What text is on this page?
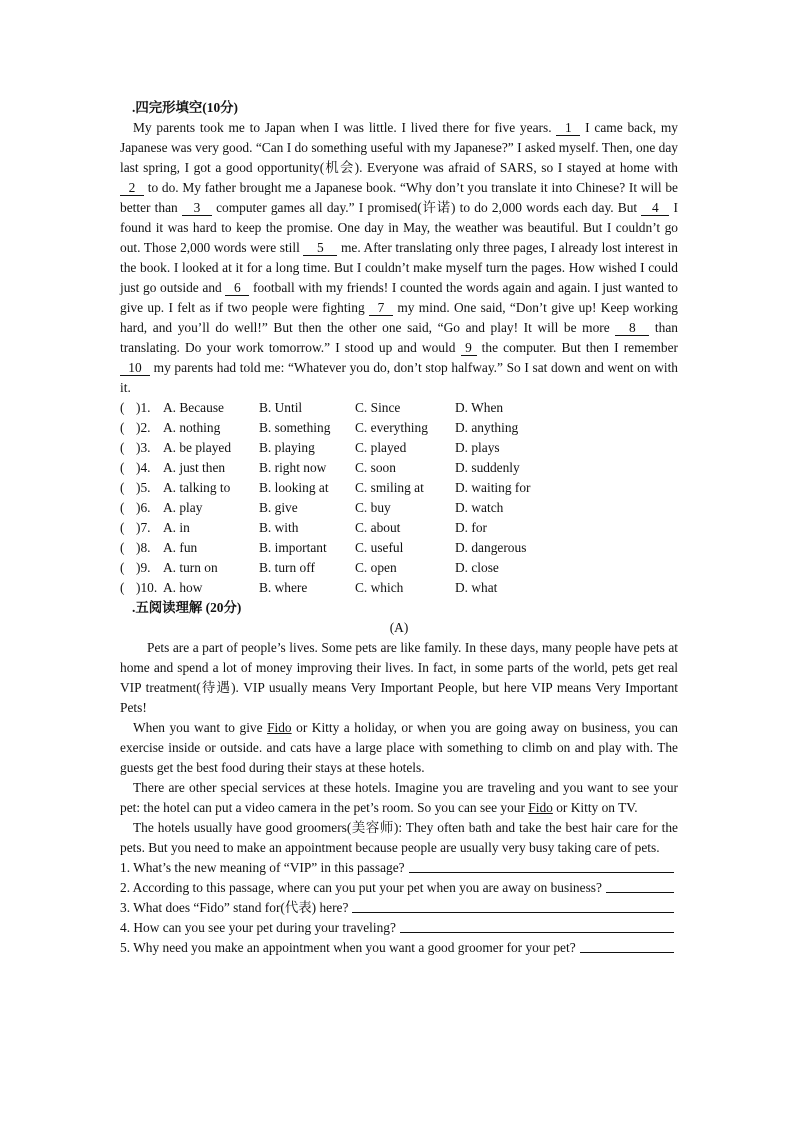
.四完形填空(10分)

My parents took me to Japan when I was little. I lived there for five years. 1 I came back, my Japanese was very good. “Can I do something useful with my Japanese?” I asked myself. Then, one day last spring, I got a good opportunity(机会). Everyone was afraid of SARS, so I stayed at home with 2 to do. My father brought me a Japanese book. “Why don’t you translate it into Chinese? It will be better than 3 computer games all day.” I promised(许诺) to do 2,000 words each day. But 4 I found it was hard to keep the promise. One day in May, the weather was beautiful. But I couldn’t go out. Those 2,000 words were still 5 me. After translating only three pages, I already lost interest in the book. I looked at it for a long time. But I couldn’t make myself turn the pages. How wished I could just go outside and 6 football with my friends! I counted the words again and again. I just wanted to give up. I felt as if two people were fighting 7 my mind. One said, “Don’t give up! Keep working hard, and you’ll do well!” But then the other one said, “Go and play! It will be more 8 than translating. Do your work tomorrow.” I stood up and would 9 the computer. But then I remember 10 my parents had told me: “Whatever you do, don’t stop halfway.” So I sat down and went on with it.

( )1. A. Because	B. Until	C. Since	D. When
( )2. A. nothing	B. something	C. everything	D. anything
( )3. A. be played	B. playing	C. played	D. plays
( )4. A. just then	B. right now	C. soon	D. suddenly
( )5. A. talking to	B. looking at	C. smiling at	D. waiting for
( )6. A. play	B. give	C. buy	D. watch
( )7. A. in	B. with	C. about	D. for
( )8. A. fun	B. important	C. useful	D. dangerous
( )9. A. turn on	B. turn off	C. open	D. close
( )10. A. how	B. where	C. which	D. what
.五阅读理解 (20分)
(A)
Pets are a part of people’s lives. Some pets are like family. In these days, many people have pets at home and spend a lot of money improving their lives. In fact, in some parts of the world, pets get real VIP treatment(待遇). VIP usually means Very Important People, but here VIP means Very Important Pets!
When you want to give Fido or Kitty a holiday, or when you are going away on business, you can exercise inside or outside. and cats have a large place with something to climb on and play with. The guests get the best food during their stays at these hotels.
There are other special services at these hotels. Imagine you are traveling and you want to see your pet: the hotel can put a video camera in the pet’s room. So you can see your Fido or Kitty on TV.
The hotels usually have good groomers(美容师): They often bath and take the best hair care for the pets. But you need to make an appointment because people are usually very busy taking care of pets.
1. What’s the new meaning of “VIP” in this passage?
2. According to this passage, where can you put your pet when you are away on business?
3. What does “Fido” stand for(代表) here?
4. How can you see your pet during your traveling?
5. Why need you make an appointment when you want a good groomer for your pet?
